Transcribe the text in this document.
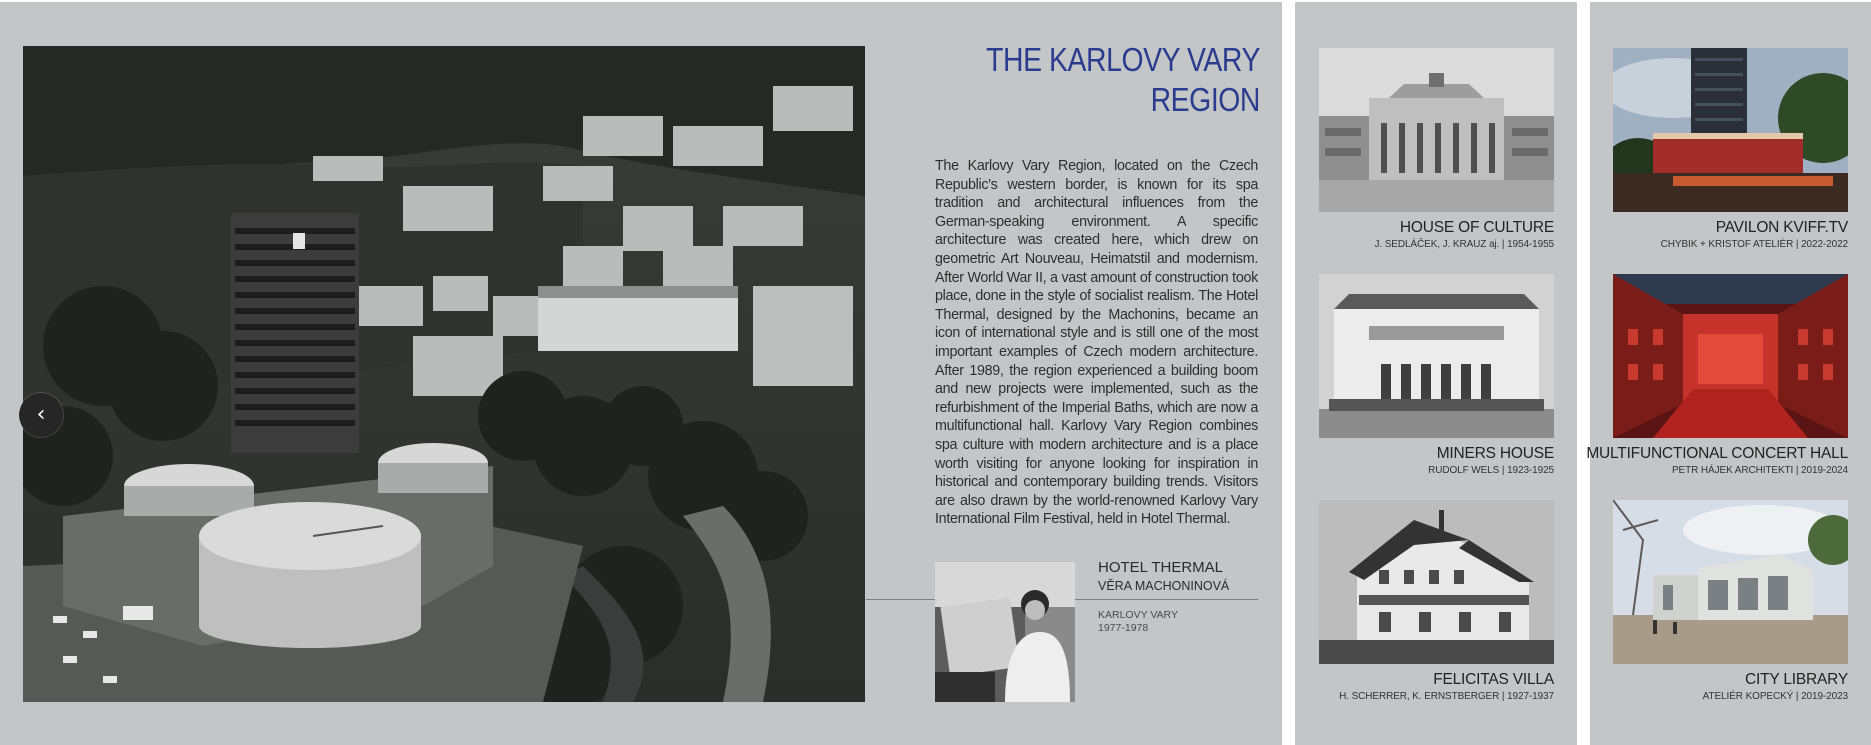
‹
THE KARLOVY VARY
REGION
The Karlovy Vary Region, located on the Czech Republic's western border, is known for its spa tradition and architectural influences from the German-speaking environment. A specific architecture was created here, which drew on geometric Art Nouveau, Heimatstil and modernism. After World War II, a vast amount of construction took place, done in the style of socialist realism. The Hotel Thermal, designed by the Machonins, became an icon of international style and is still one of the most important examples of Czech modern architecture. After 1989, the region experienced a building boom and new projects were implemented, such as the refurbishment of the Imperial Baths, which are now a multifunctional hall. Karlovy Vary Region combines spa culture with modern architecture and is a place worth visiting for anyone looking for inspiration in historical and contemporary building trends. Visitors are also drawn by the world-renowned Karlovy Vary International Film Festival, held in Hotel Thermal.
HOTEL THERMAL
VĚRA MACHONINOVÁ
KARLOVY VARY
1977-1978
HOUSE OF CULTURE
J. SEDLÁČEK, J. KRAUZ aj. | 1954-1955
MINERS HOUSE
RUDOLF WELS | 1923-1925
FELICITAS VILLA
H. SCHERRER, K. ERNSTBERGER | 1927-1937
PAVILON KVIFF.TV
CHYBIK + KRISTOF ATELIÉR | 2022-2022
MULTIFUNCTIONAL CONCERT HALL
PETR HÁJEK ARCHITEKTI | 2019-2024
CITY LIBRARY
ATELIÉR KOPECKÝ | 2019-2023
